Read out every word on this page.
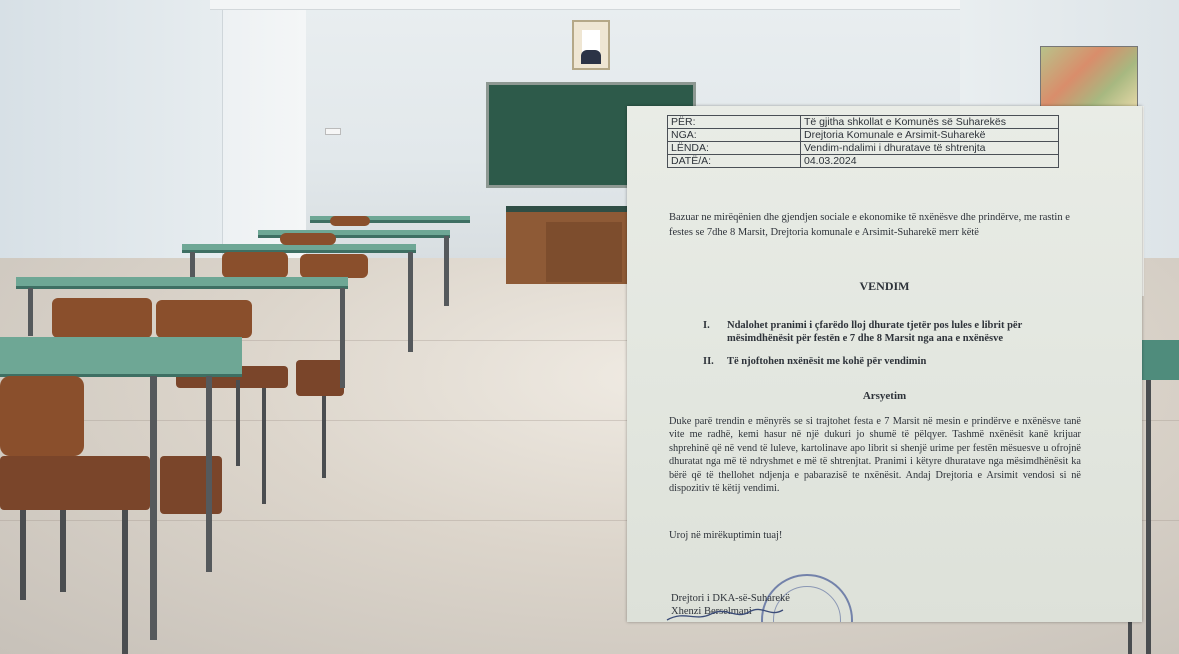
PËR:	Të gjitha shkollat e Komunës së Suharekës
NGA:	Drejtoria Komunale e Arsimit-Suharekë
LËNDA:	Vendim-ndalimi i dhuratave të shtrenjta
DATË/A:	04.03.2024

Bazuar ne mirëqënien dhe gjendjen sociale e ekonomike të nxënësve dhe prindërve, me rastin e festes se 7dhe 8 Marsit, Drejtoria komunale e Arsimit-Suharekë merr këtë

VENDIM
I. Ndalohet pranimi i çfarëdo lloj dhurate tjetër pos lules e librit për mësimdhënësit për festën e 7 dhe 8 Marsit nga ana e nxënësve
II. Të njoftohen nxënësit me kohë për vendimin
Arsyetim

Duke parë trendin e mënyrës se si trajtohet festa e 7 Marsit në mesin e prindërve e nxënësve tanë vite me radhë, kemi hasur në një dukuri jo shumë të pëlqyer. Tashmë nxënësit kanë krijuar shprehinë që në vend të luleve, kartolinave apo librit si shenjë urime per festën mësuesve u ofrojnë dhuratat nga më të ndryshmet e më të shtrenjtat. Pranimi i këtyre dhuratave nga mësimdhënësit ka bërë që të thellohet ndjenja e pabarazisë te nxënësit. Andaj Drejtoria e Arsimit vendosi si në dispozitiv të këtij vendimi.

Uroj në mirëkuptimin tuaj!
Drejtori i DKA-së-Suharekë
Xhenzi Berselmani
